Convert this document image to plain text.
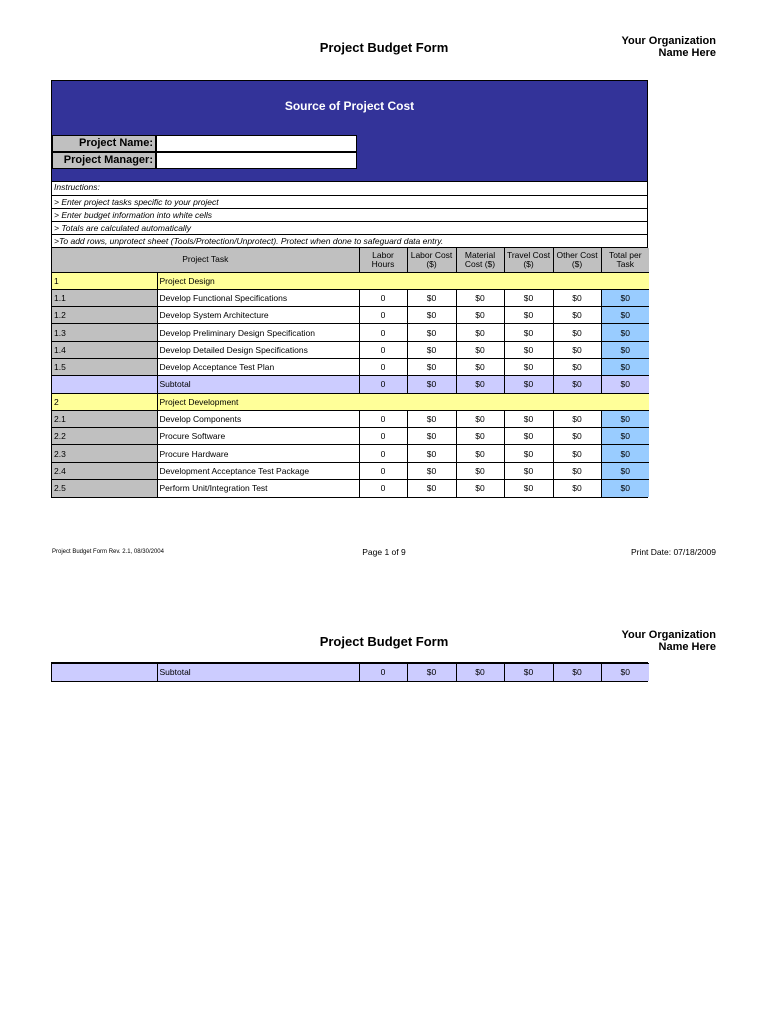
Project Budget Form	Your Organization
Name Here
Source of Project Cost
Project Name:
Project Manager:
Instructions:
> Enter project tasks specific to your project
> Enter budget information into white cells
> Totals are calculated automatically
>To add rows, unprotect sheet (Tools/Protection/Unprotect). Protect when done to safeguard data entry.
Project Task		Labor Hours	Labor Cost ($)	Material Cost ($)	Travel Cost ($)	Other Cost ($)	Total per Task
1	Project Design						
1.1	Develop Functional Specifications	0	$0	$0	$0	$0	$0
1.2	Develop System Architecture	0	$0	$0	$0	$0	$0
1.3	Develop Preliminary Design Specification	0	$0	$0	$0	$0	$0
1.4	Develop Detailed Design Specifications	0	$0	$0	$0	$0	$0
1.5	Develop Acceptance Test Plan	0	$0	$0	$0	$0	$0
	Subtotal	0	$0	$0	$0	$0	$0
2	Project Development						
2.1	Develop Components	0	$0	$0	$0	$0	$0
2.2	Procure Software	0	$0	$0	$0	$0	$0
2.3	Procure Hardware	0	$0	$0	$0	$0	$0
2.4	Development Acceptance Test Package	0	$0	$0	$0	$0	$0
2.5	Perform Unit/Integration Test	0	$0	$0	$0	$0	$0
Project Budget Form Rev. 2.1, 08/30/2004	Page 1 of 9	Print Date: 07/18/2009
Project Budget Form	Your Organization
Name Here
	Subtotal	0	$0	$0	$0	$0	$0
